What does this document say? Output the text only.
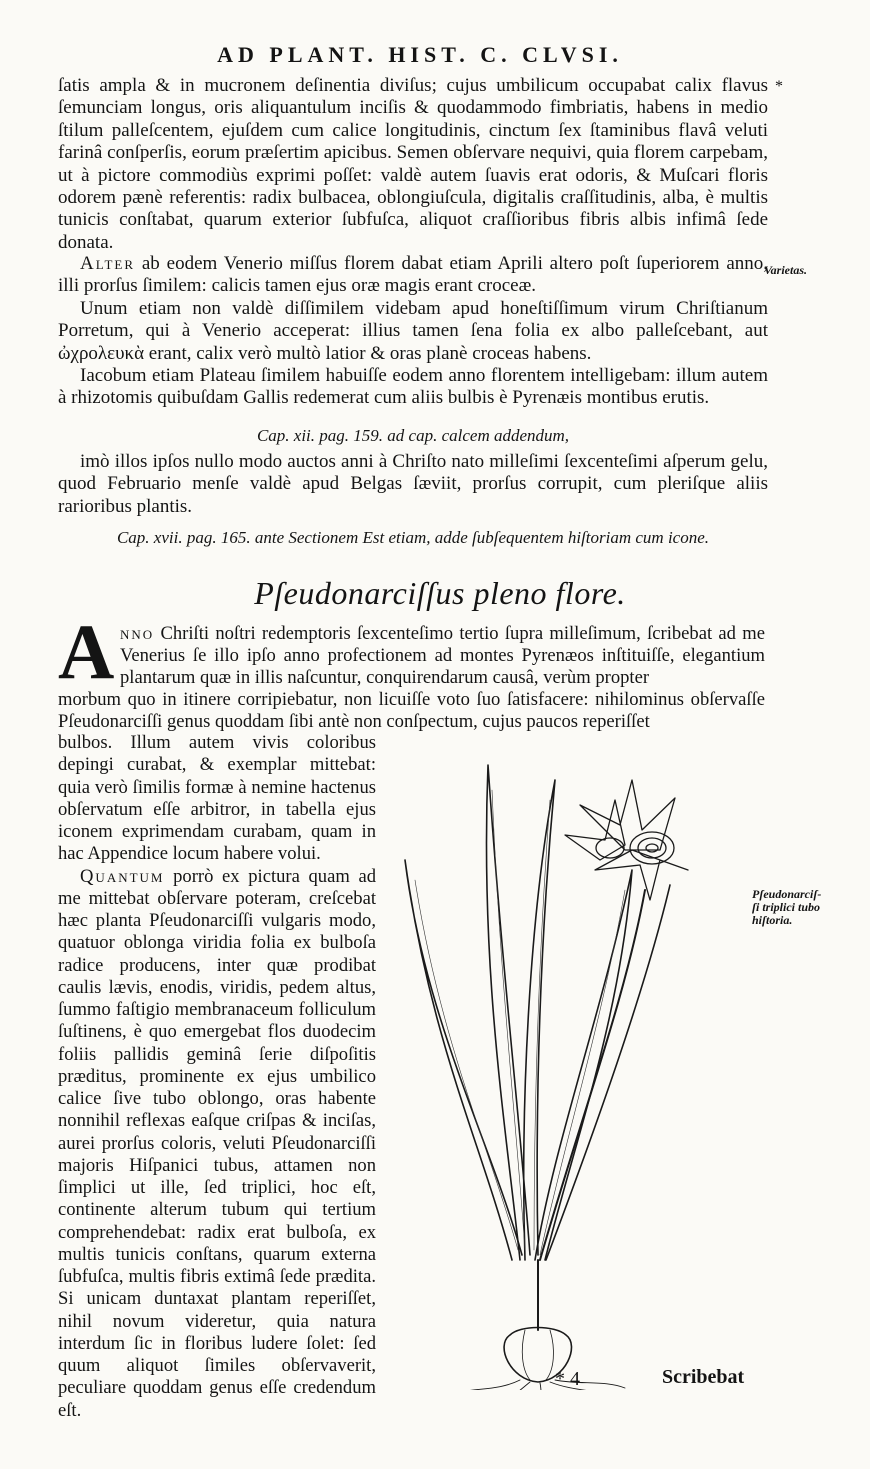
AD PLANT. HIST. C. CLVSI.
*
ſatis ampla & in mucronem deſinentia diviſus; cujus umbilicum occupabat calix flavus ſemunciam longus, oris aliquantulum inciſis & quodammodo fimbriatis, habens in medio ſtilum palleſcentem, ejuſdem cum calice longitudinis, cinctum ſex ſtaminibus flavâ veluti farinâ conſperſis, eorum præſertim apicibus. Semen obſervare nequivi, quia florem carpebam, ut à pictore commodiùs exprimi poſſet: valdè autem ſuavis erat odoris, & Muſcari floris odorem pænè referentis: radix bulbacea, oblongiuſcula, digitalis craſſitudinis, alba, è multis tunicis conſtabat, quarum exterior ſubfuſca, aliquot craſſioribus fibris albis infimâ ſede donata.
Alter ab eodem Venerio miſſus florem dabat etiam Aprili altero poſt ſuperiorem anno, illi prorſus ſimilem: calicis tamen ejus oræ magis erant croceæ.
Varietas.
Unum etiam non valdè diſſimilem videbam apud honeſtiſſimum virum Chriſtianum Porretum, qui à Venerio acceperat: illius tamen ſena folia ex albo palleſcebant, aut ὠχρολευκὰ erant, calix verò multò latior & oras planè croceas habens.
Iacobum etiam Plateau ſimilem habuiſſe eodem anno florentem intelligebam: illum autem à rhizotomis quibuſdam Gallis redemerat cum aliis bulbis è Pyrenæis montibus erutis.
Cap. xii. pag. 159. ad cap. calcem addendum,
imò illos ipſos nullo modo auctos anni à Chriſto nato milleſimi ſexcenteſimi aſperum gelu, quod Februario menſe valdè apud Belgas ſæviit, prorſus corrupit, cum pleriſque aliis rarioribus plantis.
Cap. xvii. pag. 165. ante Sectionem Est etiam, adde ſubſequentem hiſtoriam cum icone.
Pſeudonarciſſus pleno flore.
A nno Chriſti noſtri redemptoris ſexcenteſimo tertio ſupra milleſimum, ſcribebat ad me Venerius ſe illo ipſo anno profectionem ad montes Pyrenæos inſtituiſſe, elegantium plantarum quæ in illis naſcuntur, conquirendarum causâ, verùm propter
morbum quo in itinere corripiebatur, non licuiſſe voto ſuo ſatisfacere: nihilominus obſervaſſe Pſeudonarciſſi genus quoddam ſibi antè non conſpectum, cujus paucos reperiſſet
bulbos. Illum autem vivis coloribus depingi curabat, & exemplar mittebat: quia verò ſimilis formæ à nemine hactenus obſervatum eſſe arbitror, in tabella ejus iconem exprimendam curabam, quam in hac Appendice locum habere volui.
Quantum porrò ex pictura quam ad me mittebat obſervare poteram, creſcebat hæc planta Pſeudonarciſſi vulgaris modo, quatuor oblonga viridia folia ex bulboſa radice producens, inter quæ prodibat caulis lævis, enodis, viridis, pedem altus, ſummo faſtigio membranaceum folliculum ſuſtinens, è quo emergebat flos duodecim foliis pallidis geminâ ſerie diſpoſitis præditus, prominente ex ejus umbilico calice ſive tubo oblongo, oras habente nonnihil reflexas eaſque criſpas & inciſas, aurei prorſus coloris, veluti Pſeudonarciſſi majoris Hiſpanici tubus, attamen non ſimplici ut ille, ſed triplici, hoc eſt, continente alterum tubum qui tertium comprehendebat: radix erat bulboſa, ex multis tunicis conſtans, quarum externa ſubfuſca, multis fibris extimâ ſede prædita. Si unicam duntaxat plantam reperiſſet, nihil novum videretur, quia natura interdum ſic in floribus ludere ſolet: ſed quum aliquot ſimiles obſervaverit, peculiare quoddam genus eſſe credendum eſt.
Pſeudonarciſ-
ſi triplici tubo
hiſtoria.
* 4	Scribebat
